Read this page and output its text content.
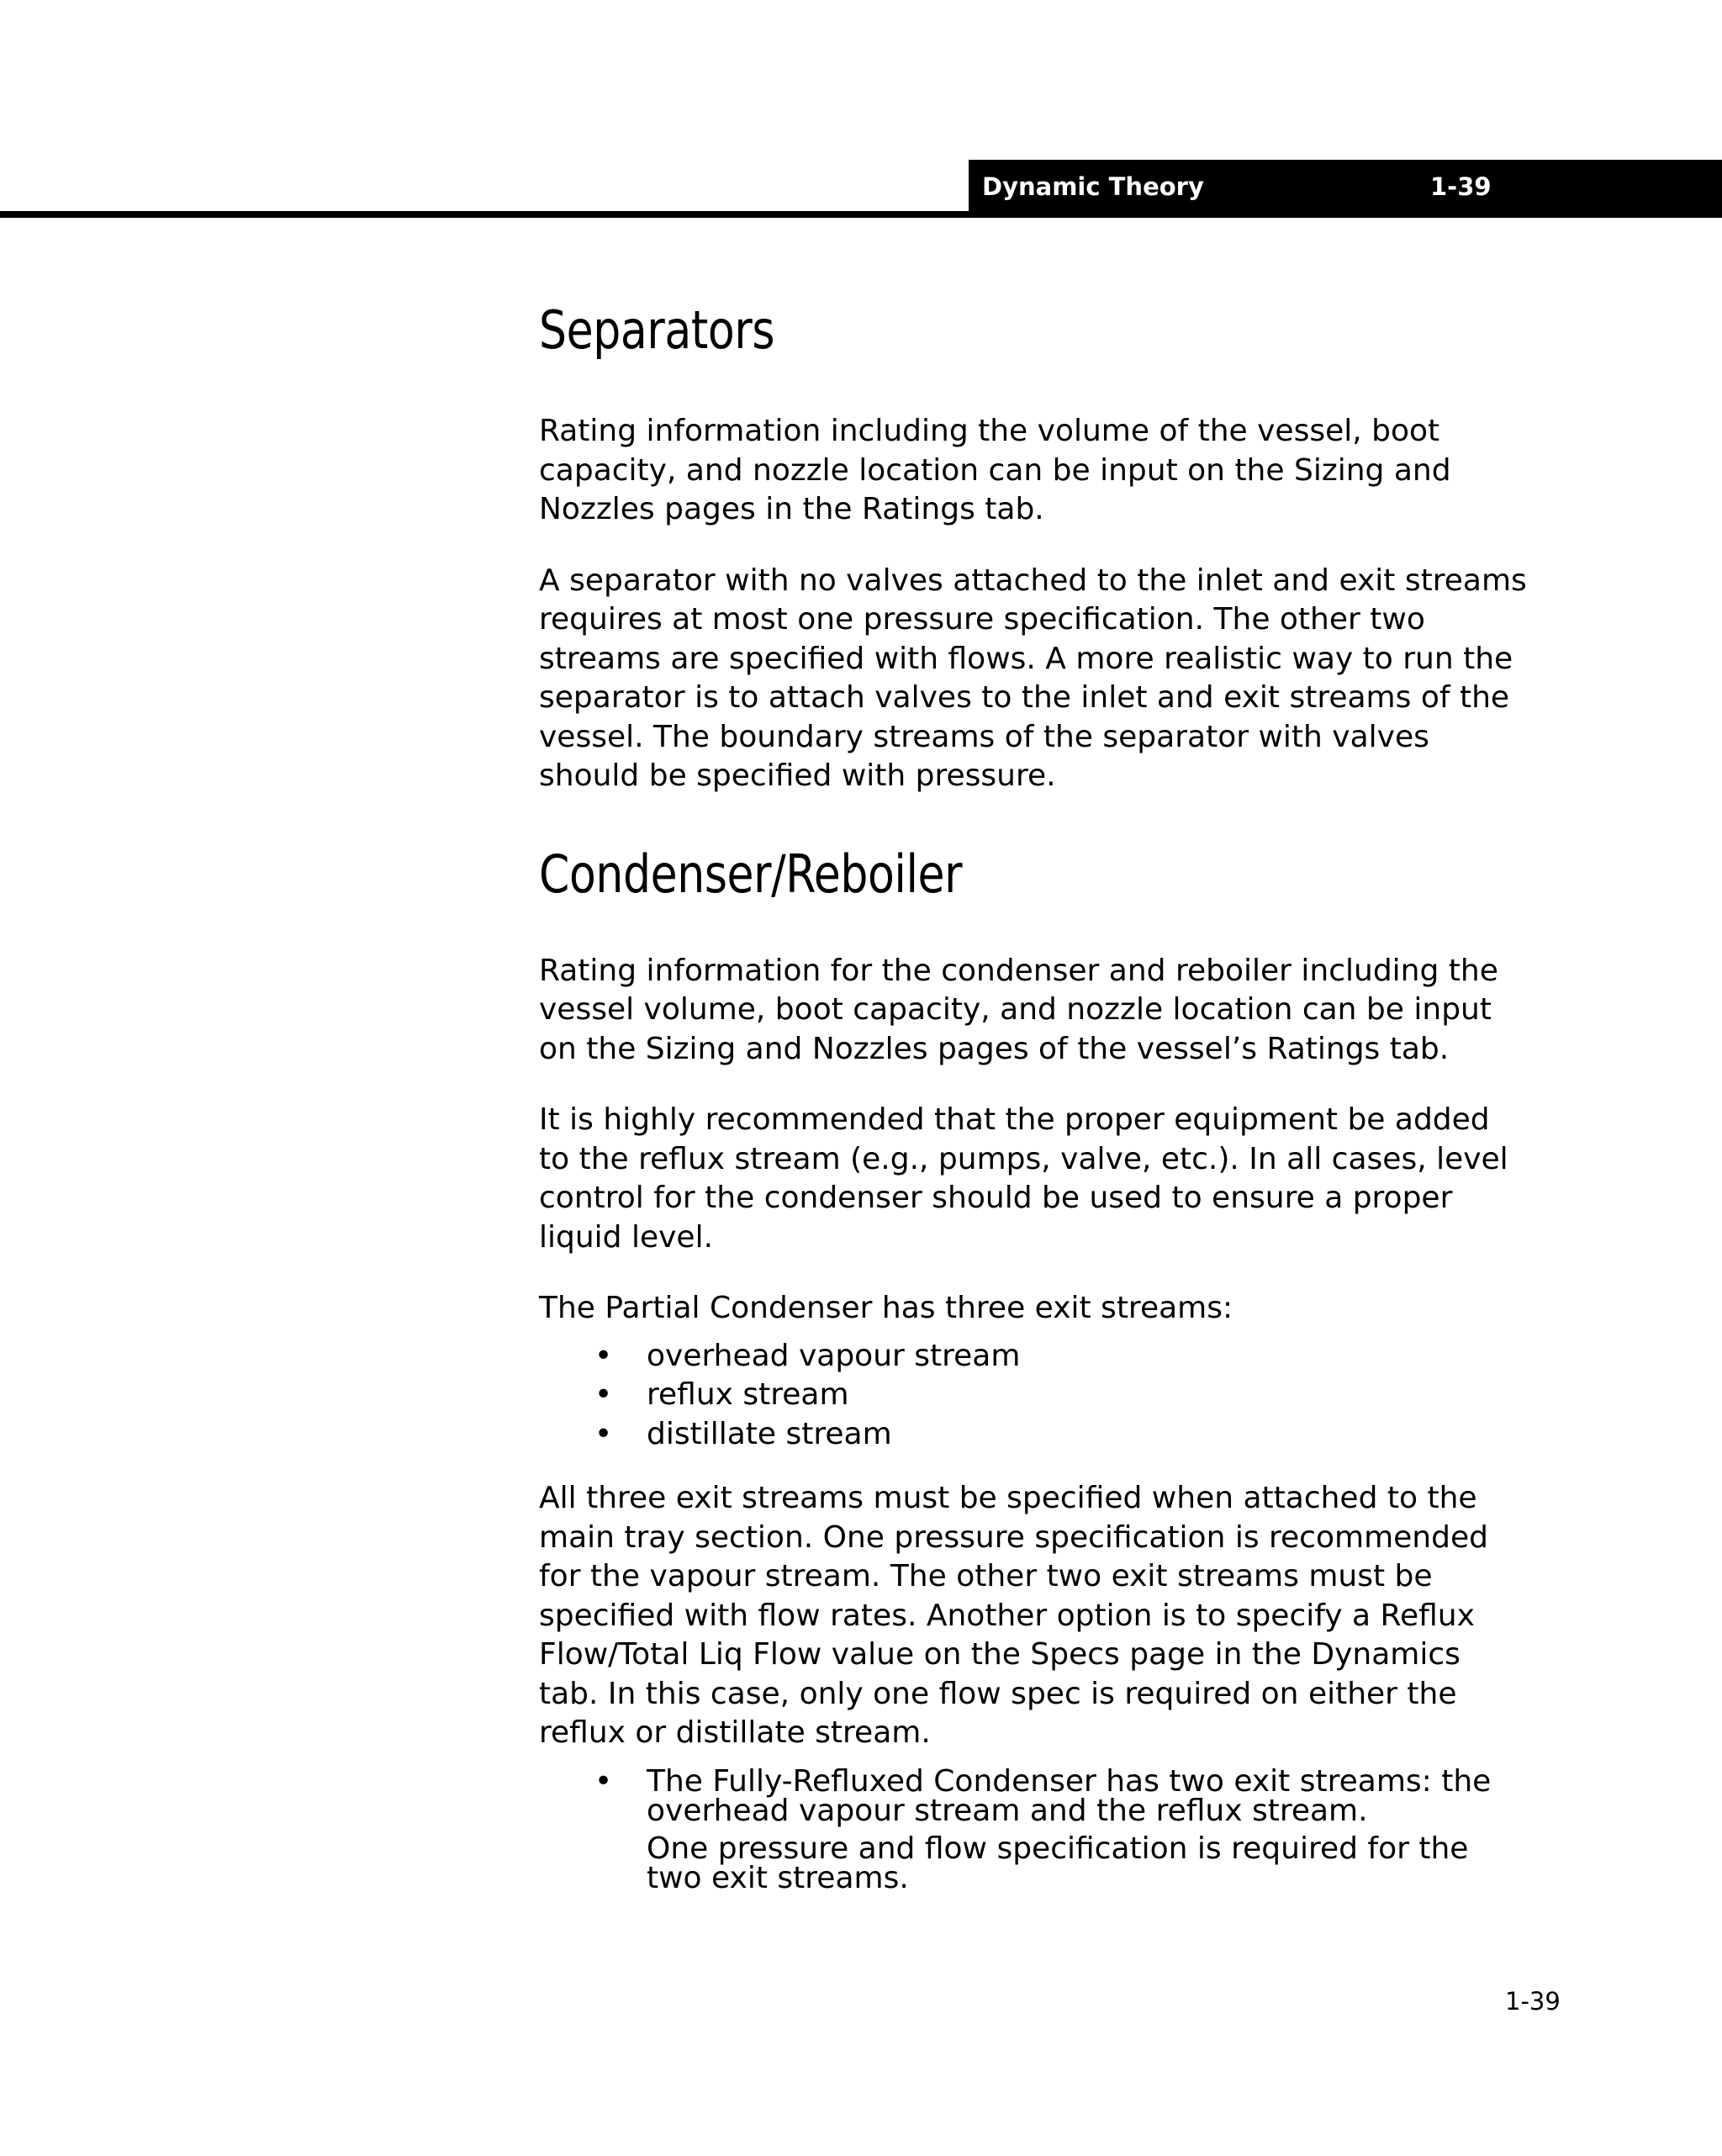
Dynamic Theory	1-39
Separators

Rating information including the volume of the vessel, boot
capacity, and nozzle location can be input on the Sizing and
Nozzles pages in the Ratings tab.

A separator with no valves attached to the inlet and exit streams
requires at most one pressure specification. The other two
streams are specified with flows. A more realistic way to run the
separator is to attach valves to the inlet and exit streams of the
vessel. The boundary streams of the separator with valves
should be specified with pressure.

Condenser/Reboiler

Rating information for the condenser and reboiler including the
vessel volume, boot capacity, and nozzle location can be input
on the Sizing and Nozzles pages of the vessel’s Ratings tab.

It is highly recommended that the proper equipment be added
to the reflux stream (e.g., pumps, valve, etc.). In all cases, level
control for the condenser should be used to ensure a proper
liquid level.

The Partial Condenser has three exit streams:

• overhead vapour stream
• reflux stream
• distillate stream

All three exit streams must be specified when attached to the
main tray section. One pressure specification is recommended
for the vapour stream. The other two exit streams must be
specified with flow rates. Another option is to specify a Reflux
Flow/Total Liq Flow value on the Specs page in the Dynamics
tab. In this case, only one flow spec is required on either the
reflux or distillate stream.

• The Fully-Refluxed Condenser has two exit streams: the
overhead vapour stream and the reflux stream.
One pressure and flow specification is required for the
two exit streams.
1-39
